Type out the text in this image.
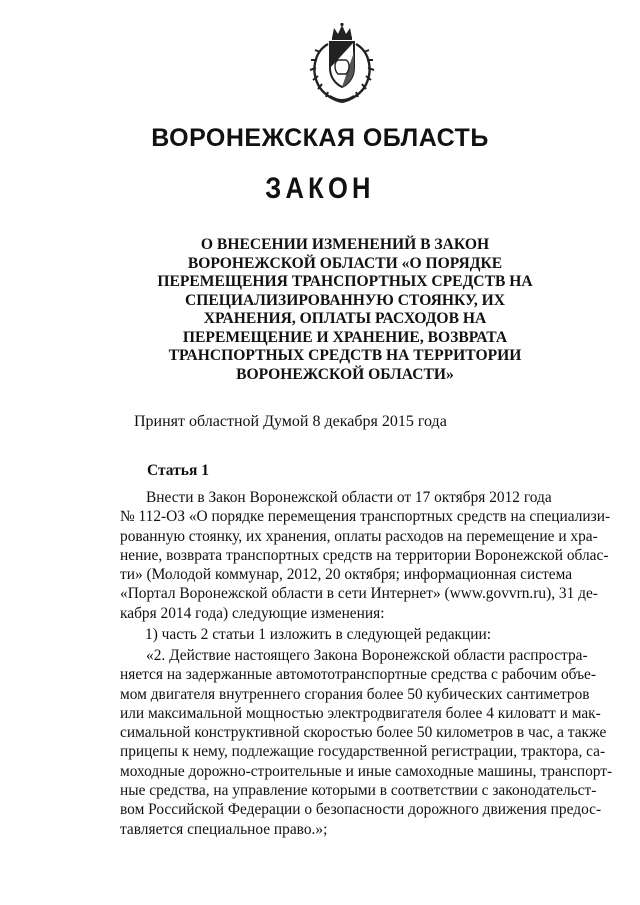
ВОРОНЕЖСКАЯ ОБЛАСТЬ
ЗАКОН
О ВНЕСЕНИИ ИЗМЕНЕНИЙ В ЗАКОН
ВОРОНЕЖСКОЙ ОБЛАСТИ «О ПОРЯДКЕ
ПЕРЕМЕЩЕНИЯ ТРАНСПОРТНЫХ СРЕДСТВ НА
СПЕЦИАЛИЗИРОВАННУЮ СТОЯНКУ, ИХ
ХРАНЕНИЯ, ОПЛАТЫ РАСХОДОВ НА
ПЕРЕМЕЩЕНИЕ И ХРАНЕНИЕ, ВОЗВРАТА
ТРАНСПОРТНЫХ СРЕДСТВ НА ТЕРРИТОРИИ
ВОРОНЕЖСКОЙ ОБЛАСТИ»
Принят областной Думой 8 декабря 2015 года
Статья 1
Внести в Закон Воронежской области от 17 октября 2012 года
№ 112-ОЗ «О порядке перемещения транспортных средств на специализи-
рованную стоянку, их хранения, оплаты расходов на перемещение и хра-
нение, возврата транспортных средств на территории Воронежской облас-
ти» (Молодой коммунар, 2012, 20 октября; информационная система
«Портал Воронежской области в сети Интернет» (www.govvrn.ru), 31 де-
кабря 2014 года) следующие изменения:
1) часть 2 статьи 1 изложить в следующей редакции:
«2. Действие настоящего Закона Воронежской области распростра-
няется на задержанные автомототранспортные средства с рабочим объе-
мом двигателя внутреннего сгорания более 50 кубических сантиметров
или максимальной мощностью электродвигателя более 4 киловатт и мак-
симальной конструктивной скоростью более 50 километров в час, а также
прицепы к нему, подлежащие государственной регистрации, трактора, са-
моходные дорожно-строительные и иные самоходные машины, транспорт-
ные средства, на управление которыми в соответствии с законодательст-
вом Российской Федерации о безопасности дорожного движения предос-
тавляется специальное право.»;
